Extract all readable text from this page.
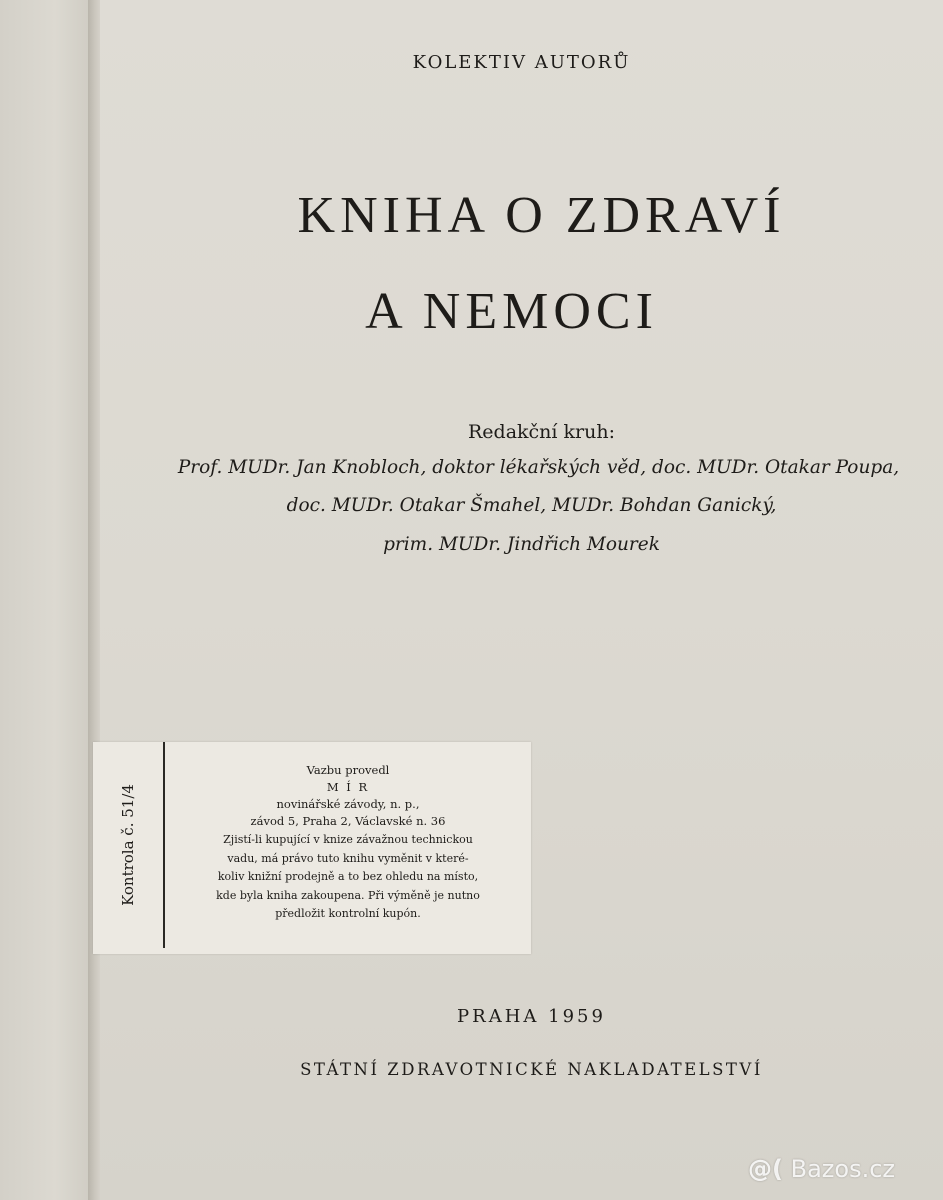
KOLEKTIV AUTORŮ

KNIHA O ZDRAVÍ

A NEMOCI

Redakční kruh:

Prof. MUDr. Jan Knobloch, doktor lékařských věd, doc. MUDr. Otakar Poupa,

doc. MUDr. Otakar Šmahel, MUDr. Bohdan Ganický,

prim. MUDr. Jindřich Mourek

Kontrola č. 51/4

Vazbu provedl

M Í R

novinářské závody, n. p.,

závod 5, Praha 2, Václavské n. 36

Zjistí-li kupující v knize závažnou technickou

vadu, má právo tuto knihu vyměnit v které-

koliv knižní prodejně a to bez ohledu na místo,

kde byla kniha zakoupena. Při výměně je nutno

předložit kontrolní kupón.

PRAHA 1959

STÁTNÍ ZDRAVOTNICKÉ NAKLADATELSTVÍ

@( Bazos.cz
